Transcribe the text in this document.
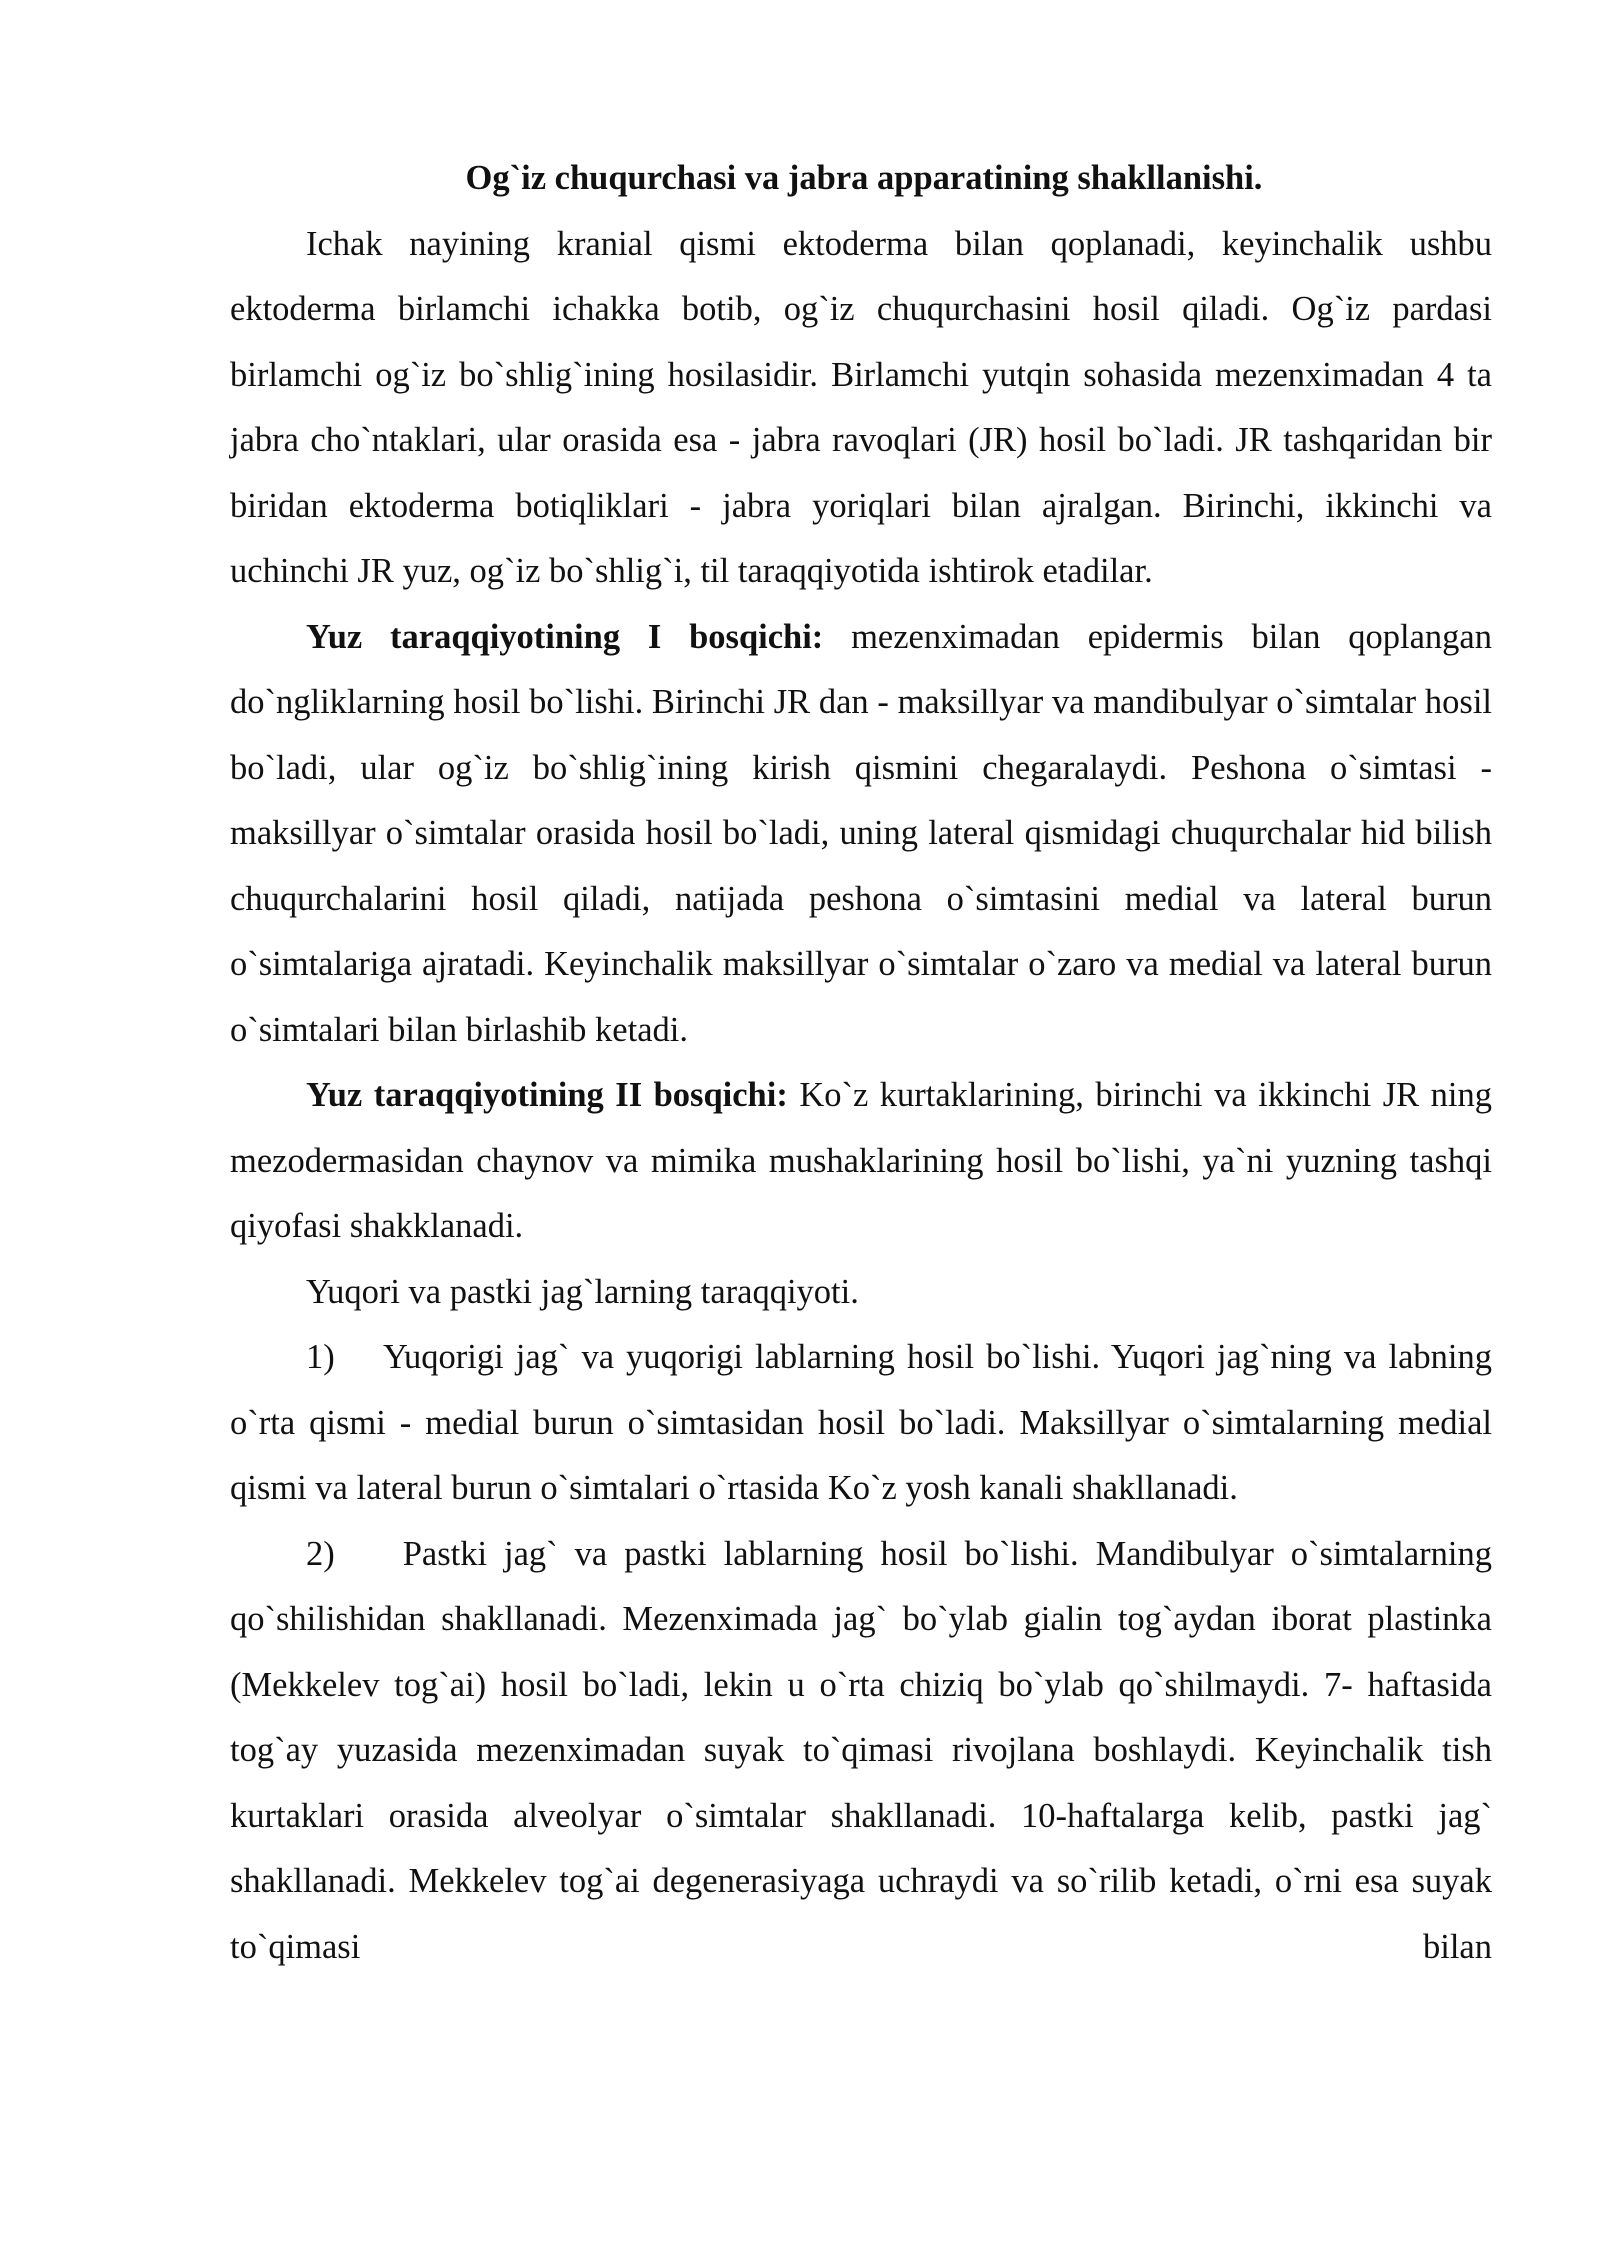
Og`iz chuqurchasi va jabra apparatining shakllanishi.

Ichak nayining kranial qismi ektoderma bilan qoplanadi, keyinchalik ushbu ektoderma birlamchi ichakka botib, og`iz chuqurchasini hosil qiladi. Og`iz pardasi birlamchi og`iz bo`shlig`ining hosilasidir. Birlamchi yutqin sohasida mezenximadan 4 ta jabra cho`ntaklari, ular orasida esa - jabra ravoqlari (JR) hosil bo`ladi. JR tashqaridan bir biridan ektoderma botiqliklari - jabra yoriqlari bilan ajralgan. Birinchi, ikkinchi va uchinchi JR yuz, og`iz bo`shlig`i, til taraqqiyotida ishtirok etadilar.

Yuz taraqqiyotining I bosqichi: mezenximadan epidermis bilan qoplangan do`ngliklarning hosil bo`lishi. Birinchi JR dan - maksillyar va mandibulyar o`simtalar hosil bo`ladi, ular og`iz bo`shlig`ining kirish qismini chegaralaydi. Peshona o`simtasi - maksillyar o`simtalar orasida hosil bo`ladi, uning lateral qismidagi chuqurchalar hid bilish chuqurchalarini hosil qiladi, natijada peshona o`simtasini medial va lateral burun o`simtalariga ajratadi. Keyinchalik maksillyar o`simtalar o`zaro va medial va lateral burun o`simtalari bilan birlashib ketadi.

Yuz taraqqiyotining II bosqichi: Ko`z kurtaklarining, birinchi va ikkinchi JR ning mezodermasidan chaynov va mimika mushaklarining hosil bo`lishi, ya`ni yuzning tashqi qiyofasi shakklanadi.

Yuqori va pastki jag`larning taraqqiyoti.

1)    Yuqorigi jag` va yuqorigi lablarning hosil bo`lishi. Yuqori jag`ning va labning o`rta qismi - medial burun o`simtasidan hosil bo`ladi. Maksillyar o`simtalarning medial qismi va lateral burun o`simtalari o`rtasida Ko`z yosh kanali shakllanadi.

2)    Pastki jag` va pastki lablarning hosil bo`lishi. Mandibulyar o`simtalarning qo`shilishidan shakllanadi. Mezenximada jag` bo`ylab gialin tog`aydan iborat plastinka (Mekkelev tog`ai) hosil bo`ladi, lekin u o`rta chiziq bo`ylab qo`shilmaydi. 7- haftasida tog`ay yuzasida mezenximadan suyak to`qimasi rivojlana boshlaydi. Keyinchalik tish kurtaklari orasida alveolyar o`simtalar shakllanadi. 10-haftalarga kelib, pastki jag` shakllanadi. Mekkelev tog`ai degenerasiyaga uchraydi va so`rilib ketadi, o`rni esa suyak to`qimasi bilan
